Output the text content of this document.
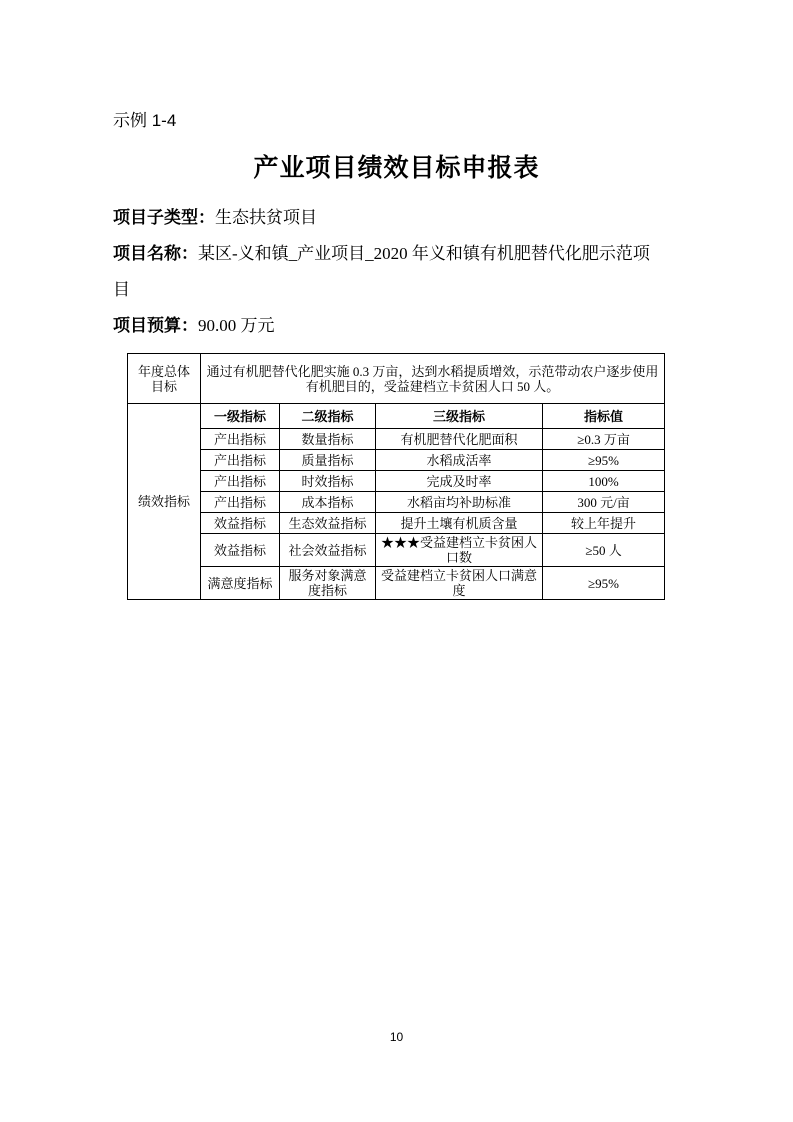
示例 1-4
产业项目绩效目标申报表

项目子类型：生态扶贫项目

项目名称：某区-义和镇_产业项目_2020 年义和镇有机肥替代化肥示范项目

项目预算：90.00 万元

年度总体目标	通过有机肥替代化肥实施 0.3 万亩，达到水稻提质增效，示范带动农户逐步使用有机肥目的，受益建档立卡贫困人口 50 人。			
绩效指标	一级指标	二级指标	三级指标	指标值
	产出指标	数量指标	有机肥替代化肥面积	≥0.3 万亩
	产出指标	质量指标	水稻成活率	≥95%
	产出指标	时效指标	完成及时率	100%
	产出指标	成本指标	水稻亩均补助标准	300 元/亩
	效益指标	生态效益指标	提升土壤有机质含量	较上年提升
	效益指标	社会效益指标	★★★受益建档立卡贫困人口数	≥50 人
	满意度指标	服务对象满意度指标	受益建档立卡贫困人口满意度	≥95%
10
